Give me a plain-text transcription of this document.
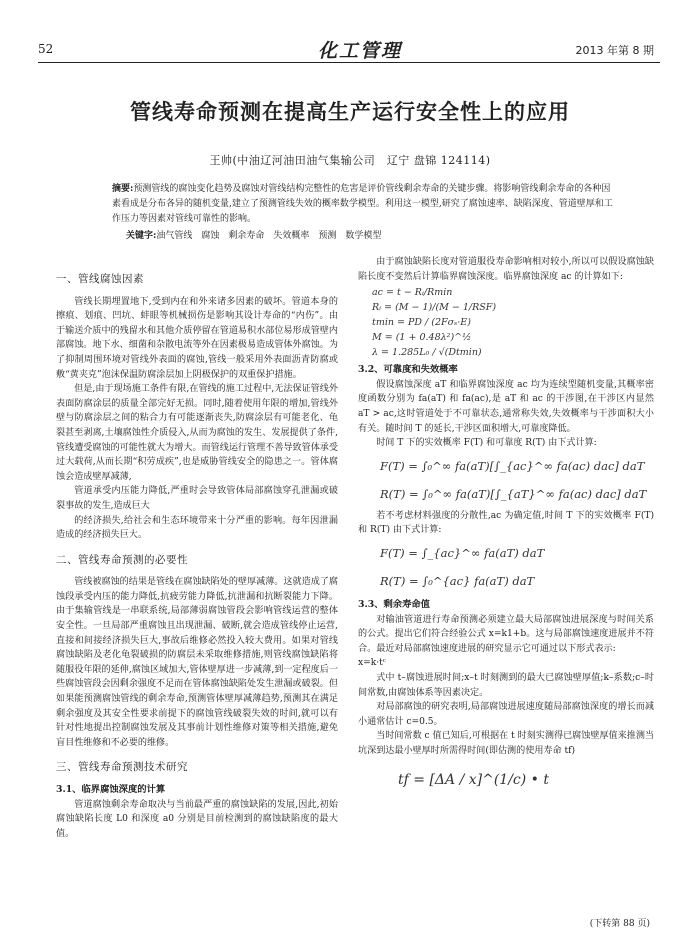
52	化工管理	2013 年第 8 期
管线寿命预测在提高生产运行安全性上的应用
王帅(中油辽河油田油气集输公司　辽宁 盘锦 124114)
摘要:预测管线的腐蚀变化趋势及腐蚀对管线结构完整性的危害是评价管线剩余寿命的关键步骤。将影响管线剩余寿命的各种因素看成是分布各异的随机变量,建立了预测管线失效的概率数学模型。利用这一模型,研究了腐蚀速率、缺陷深度、管道壁厚和工作压力等因素对管线可靠性的影响。
关键字:油气管线　腐蚀　剩余寿命　失效概率　预测　数学模型
一、管线腐蚀因素

管线长期埋置地下,受到内在和外来诸多因素的破坏。管道本身的擦痕、划痕、凹坑、蚌眼等机械损伤是影响其设计寿命的“内伤”。由于输送介质中的残留水和其他介质停留在管道易积水部位易形成管壁内部腐蚀。地下水、细菌和杂散电流等外在因素极易造成管体外腐蚀。为了抑制周围环境对管线外表面的腐蚀,管线一般采用外表面沥青防腐或敷“黄夹克”泡沫保温防腐涂层加上阴极保护的双重保护措施。

但是,由于现场施工条件有限,在管线的施工过程中,无法保证管线外表面防腐涂层的质量全部完好无损。同时,随着使用年限的增加,管线外壁与防腐涂层之间的粘合力有可能逐渐丧失,防腐涂层有可能老化、龟裂甚至剥离,土壤腐蚀性介质侵入,从而为腐蚀的发生、发展提供了条件,管线遭受腐蚀的可能性就大为增大。而管线运行管理不善导致管体承受过大载荷,从而长期“积劳成疾”,也是威胁管线安全的隐患之一。管体腐蚀会造成壁厚减薄,

管道承受内压能力降低,严重时会导致管体局部腐蚀穿孔泄漏或破裂事故的发生,造成巨大

的经济损失,给社会和生态环境带来十分严重的影响。每年因泄漏造成的经济损失巨大。

二、管线寿命预测的必要性

管线被腐蚀的结果是管线在腐蚀缺陷处的壁厚减薄。这就造成了腐蚀段承受内压的能力降低,抗疲劳能力降低,抗泄漏和抗断裂能力下降。由于集输管线是一串联系统,局部薄弱腐蚀管段会影响管线运营的整体安全性。一旦局部严重腐蚀且出现泄漏、破断,就会造成管线停止运营,直接和间接经济损失巨大,事故后维修必然投入较大费用。如果对管线腐蚀缺陷及老化龟裂破损的防腐层未采取维修措施,则管线腐蚀缺陷将随服役年限的延伸,腐蚀区域加大,管体壁厚进一步减薄,到一定程度后一些腐蚀管段会因剩余强度不足而在管体腐蚀缺陷处发生泄漏或破裂。但如果能预测腐蚀管线的剩余寿命,预测管体壁厚减薄趋势,预测其在满足剩余强度及其安全性要求前提下的腐蚀管线破裂失效的时间,就可以有针对性地提出控制腐蚀发展及其事前计划性维修对策等相关措施,避免盲目性维修和不必要的维修。

三、管线寿命预测技术研究
3.1、临界腐蚀深度的计算

管道腐蚀剩余寿命取决与当前最严重的腐蚀缺陷的发展,因此,初始腐蚀缺陷长度 L0 和深度 a0 分别是目前检测到的腐蚀缺陷度的最大值。

由于腐蚀缺陷长度对管道服役寿命影响相对较小,所以可以假设腐蚀缺陷长度不变然后计算临界腐蚀深度。临界腐蚀深度 ac 的计算如下:

ac = t − Rᵢ/Rmin
Rᵢ = (M − 1)/(M − 1/RSF)
tmin = PD / (2Fσₛ·E)
M = (1 + 0.48λ²)^½
λ = 1.285L₀ / √(Dtmin)
3.2、可靠度和失效概率

假设腐蚀深度 aT 和临界腐蚀深度 ac 均为连续型随机变量,其概率密度函数分别为 fa(aT) 和 fa(ac),是 aT 和 ac 的干涉图,在干涉区内显然 aT > ac,这时管道处于不可靠状态,通常称失效,失效概率与干涉面积大小有关。随时间 T 的延长,干涉区面积增大,可靠度降低。

时间 T 下的实效概率 F(T) 和可靠度 R(T) 由下式计算:

F(T) = ∫₀^∞ fa(aT)[∫_{ac}^∞ fa(ac) dac] daT
R(T) = ∫₀^∞ fa(aT)[∫_{aT}^∞ fa(ac) dac] daT

若不考虑材料强度的分散性,ac 为确定值,时间 T 下的实效概率 F(T) 和 R(T) 由下式计算:

F(T) = ∫_{ac}^∞ fa(aT) daT
R(T) = ∫₀^{ac} fa(aT) daT
3.3、剩余寿命值

对输油管道进行寿命预测必须建立最大局部腐蚀进展深度与时间关系的公式。提出它们符合经验公式 x=k1+b。这与局部腐蚀速度进展并不符合。最近对局部腐蚀速度进展的研究显示它可通过以下形式表示:

x=k·tᶜ

式中 t–腐蚀进展时间;x–t 时刻测到的最大已腐蚀壁厚值;k–系数;c–时间常数,由腐蚀体系等因素决定。

对局部腐蚀的研究表明,局部腐蚀进展速度随局部腐蚀深度的增长而减小通常估计 c=0.5。

当时间常数 c 值已知后,可根据在 t 时刻实测得已腐蚀壁厚值来推测当坑深到达最小壁厚时所需得时间(即估测的使用寿命 tf)

tf = [ΔA / x]^(1/c) • t
(下转第 88 页)
